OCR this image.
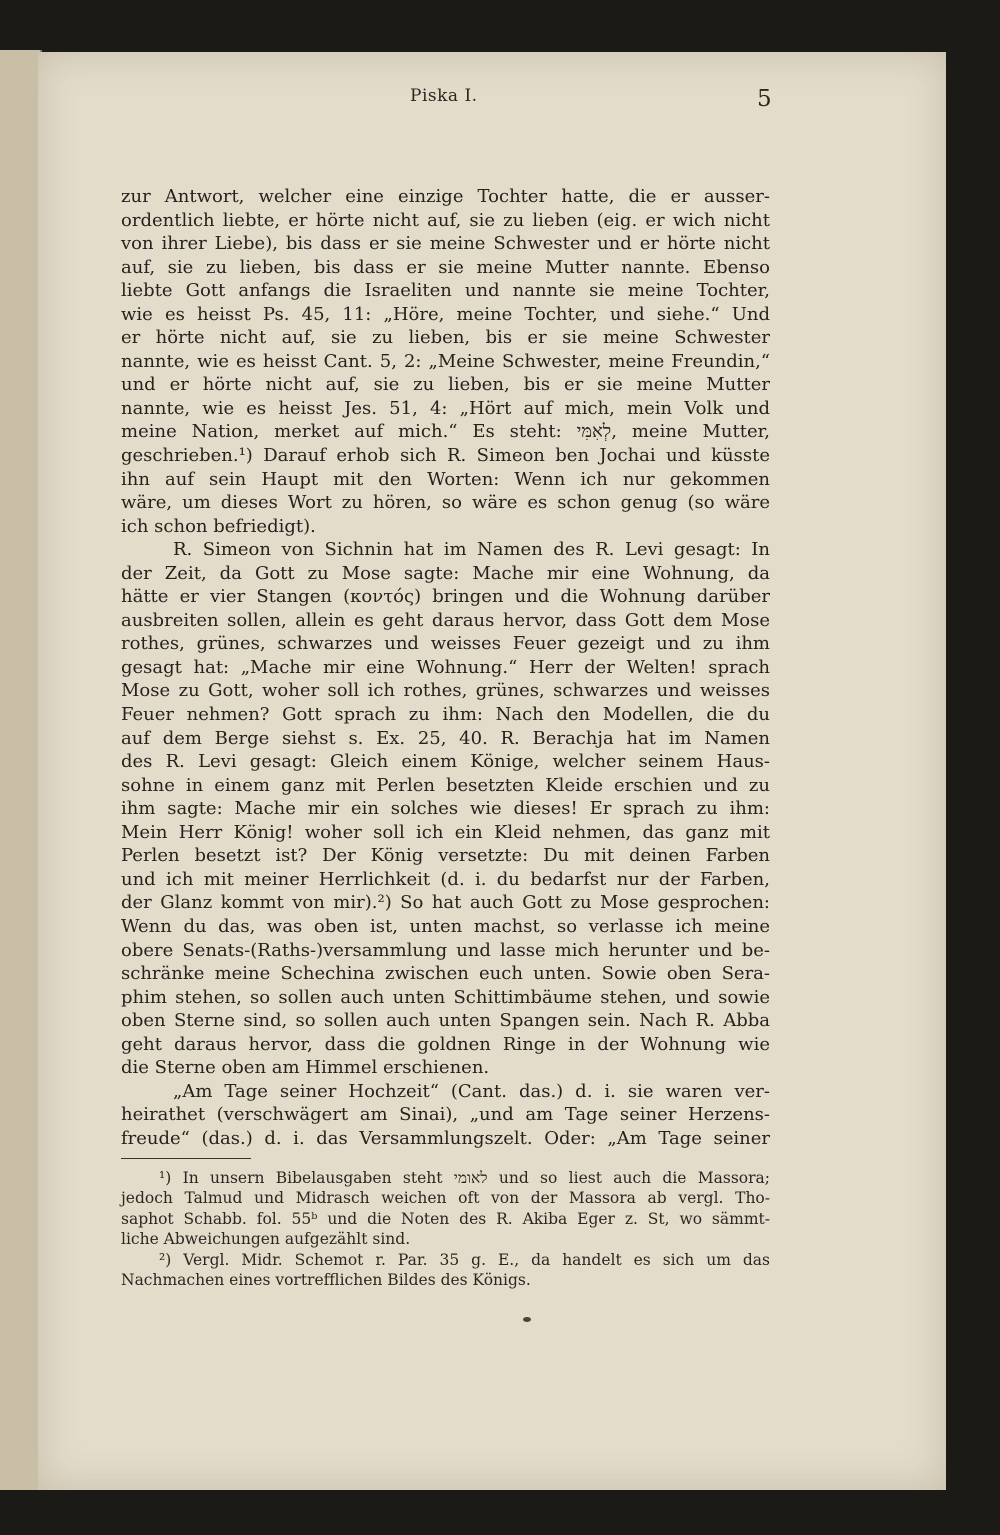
Piska I.	5
zur Antwort, welcher eine einzige Tochter hatte, die er ausser-
ordentlich liebte, er hörte nicht auf, sie zu lieben (eig. er wich nicht
von ihrer Liebe), bis dass er sie meine Schwester und er hörte nicht
auf, sie zu lieben, bis dass er sie meine Mutter nannte. Ebenso
liebte Gott anfangs die Israeliten und nannte sie meine Tochter,
wie es heisst Ps. 45, 11: „Höre, meine Tochter, und siehe.“ Und
er hörte nicht auf, sie zu lieben, bis er sie meine Schwester
nannte, wie es heisst Cant. 5, 2: „Meine Schwester, meine Freundin,“
und er hörte nicht auf, sie zu lieben, bis er sie meine Mutter
nannte, wie es heisst Jes. 51, 4: „Hört auf mich, mein Volk und
meine Nation, merket auf mich.“ Es steht: לְאִמִּי, meine Mutter,
geschrieben.¹) Darauf erhob sich R. Simeon ben Jochai und küsste
ihn auf sein Haupt mit den Worten: Wenn ich nur gekommen
wäre, um dieses Wort zu hören, so wäre es schon genug (so wäre
ich schon befriedigt).
R. Simeon von Sichnin hat im Namen des R. Levi gesagt: In
der Zeit, da Gott zu Mose sagte: Mache mir eine Wohnung, da
hätte er vier Stangen (κοντός) bringen und die Wohnung darüber
ausbreiten sollen, allein es geht daraus hervor, dass Gott dem Mose
rothes, grünes, schwarzes und weisses Feuer gezeigt und zu ihm
gesagt hat: „Mache mir eine Wohnung.“ Herr der Welten! sprach
Mose zu Gott, woher soll ich rothes, grünes, schwarzes und weisses
Feuer nehmen? Gott sprach zu ihm: Nach den Modellen, die du
auf dem Berge siehst s. Ex. 25, 40. R. Berachja hat im Namen
des R. Levi gesagt: Gleich einem Könige, welcher seinem Haus-
sohne in einem ganz mit Perlen besetzten Kleide erschien und zu
ihm sagte: Mache mir ein solches wie dieses! Er sprach zu ihm:
Mein Herr König! woher soll ich ein Kleid nehmen, das ganz mit
Perlen besetzt ist? Der König versetzte: Du mit deinen Farben
und ich mit meiner Herrlichkeit (d. i. du bedarfst nur der Farben,
der Glanz kommt von mir).²) So hat auch Gott zu Mose gesprochen:
Wenn du das, was oben ist, unten machst, so verlasse ich meine
obere Senats-(Raths-)versammlung und lasse mich herunter und be-
schränke meine Schechina zwischen euch unten. Sowie oben Sera-
phim stehen, so sollen auch unten Schittimbäume stehen, und sowie
oben Sterne sind, so sollen auch unten Spangen sein. Nach R. Abba
geht daraus hervor, dass die goldnen Ringe in der Wohnung wie
die Sterne oben am Himmel erschienen.
„Am Tage seiner Hochzeit“ (Cant. das.) d. i. sie waren ver-
heirathet (verschwägert am Sinai), „und am Tage seiner Herzens-
freude“ (das.) d. i. das Versammlungszelt. Oder: „Am Tage seiner
¹) In unsern Bibelausgaben steht לאומי und so liest auch die Massora;
jedoch Talmud und Midrasch weichen oft von der Massora ab vergl. Tho-
saphot Schabb. fol. 55ᵇ und die Noten des R. Akiba Eger z. St, wo sämmt-
liche Abweichungen aufgezählt sind.
²) Vergl. Midr. Schemot r. Par. 35 g. E., da handelt es sich um das
Nachmachen eines vortrefflichen Bildes des Königs.
